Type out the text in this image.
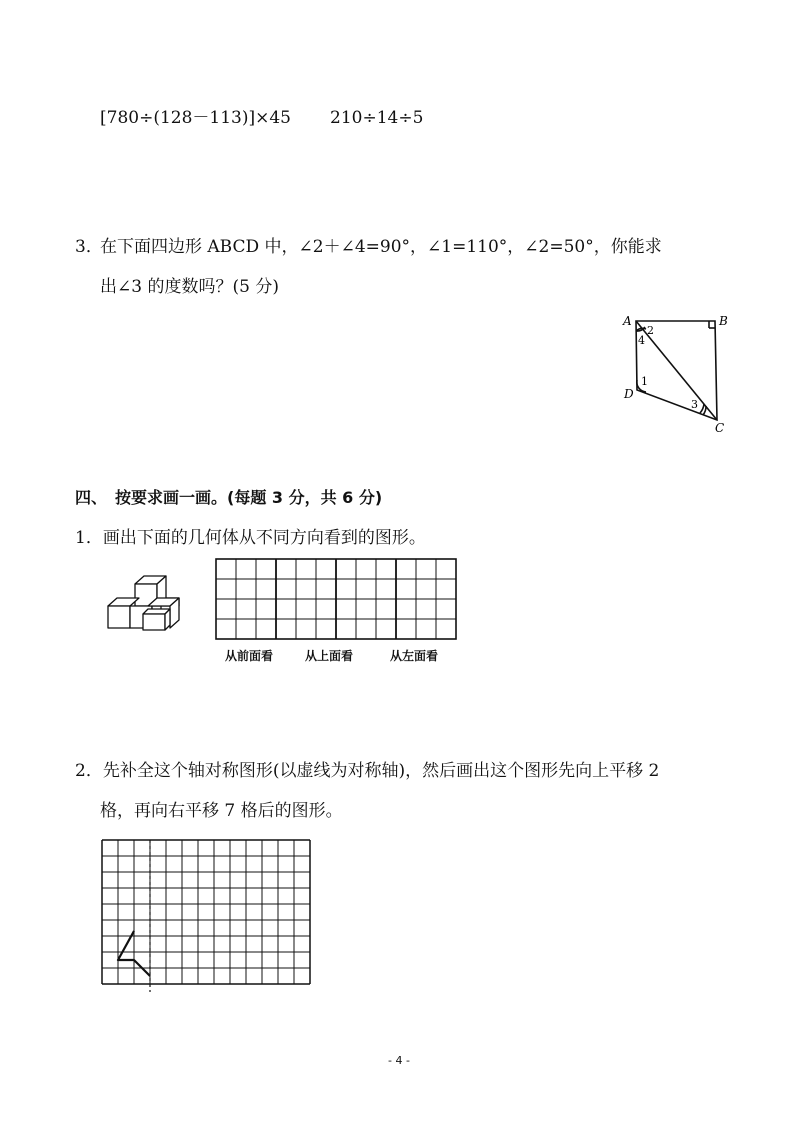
[780÷(128－113)]×45 210÷14÷5
3．
在下面四边形 ABCD 中，∠2＋∠4=90°，∠1=110°，∠2=50°，你能求
出∠3 的度数吗？(5 分)
A	B
C
D
2
4
1
3
四、　按要求画一画。(每题 3 分，共 6 分)
1．画出下面的几何体从不同方向看到的图形。
从前面看	从上面看	从左面看
2．先补全这个轴对称图形(以虚线为对称轴)，然后画出这个图形先向上平移 2
格，再向右平移 7 格后的图形。
- 4 -
